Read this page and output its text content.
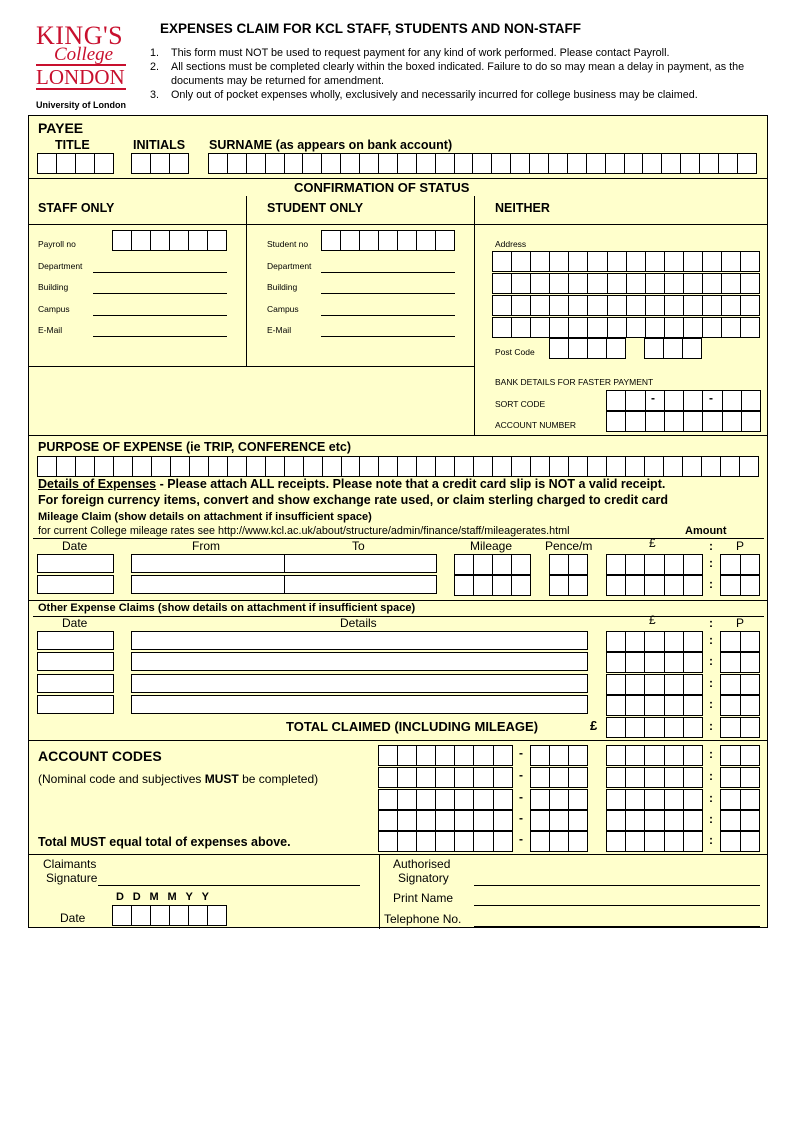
KING'S
College
LONDON
University of London
EXPENSES CLAIM FOR KCL STAFF, STUDENTS AND NON-STAFF
1.	This form must NOT be used to request payment for any kind of work performed. Please contact Payroll.
2.	All sections must be completed clearly within the boxed indicated. Failure to do so may mean a delay in payment, as the documents may be returned for amendment.
3.	Only out of pocket expenses wholly, exclusively and necessarily incurred for college business may be claimed.
PAYEE
TITLE	INITIALS SURNAME (as appears on bank account)
CONFIRMATION OF STATUS
STAFF ONLY	STUDENT ONLY	NEITHER
Payroll no
Department
Building
Campus
E-Mail
Student no
Department
Building
Campus
E-Mail
Address
Post Code
BANK DETAILS FOR FASTER PAYMENT
SORT CODE	-	-
ACCOUNT NUMBER
PURPOSE OF EXPENSE (ie TRIP, CONFERENCE etc)
Details of Expenses - Please attach ALL receipts. Please note that a credit card slip is NOT a valid receipt.
For foreign currency items, convert and show exchange rate used, or claim sterling charged to credit card
Mileage Claim (show details on attachment if insufficient space)
for current College mileage rates see http://www.kcl.ac.uk/about/structure/admin/finance/staff/mileagerates.html	Amount
Date	From	To	Mileage	Pence/m	£	: P
:
:
Other Expense Claims (show details on attachment if insufficient space)
Date	Details	£	: P
:
:
:
:
TOTAL CLAIMED (INCLUDING MILEAGE)	£	:
ACCOUNT CODES
(Nominal code and subjectives MUST be completed)
Total MUST equal total of expenses above.
-	:
-	:
-	:
-	:
-	:
Claimants
Signature
DDMMYY
Date
Authorised
Signatory
Print Name
Telephone No.
